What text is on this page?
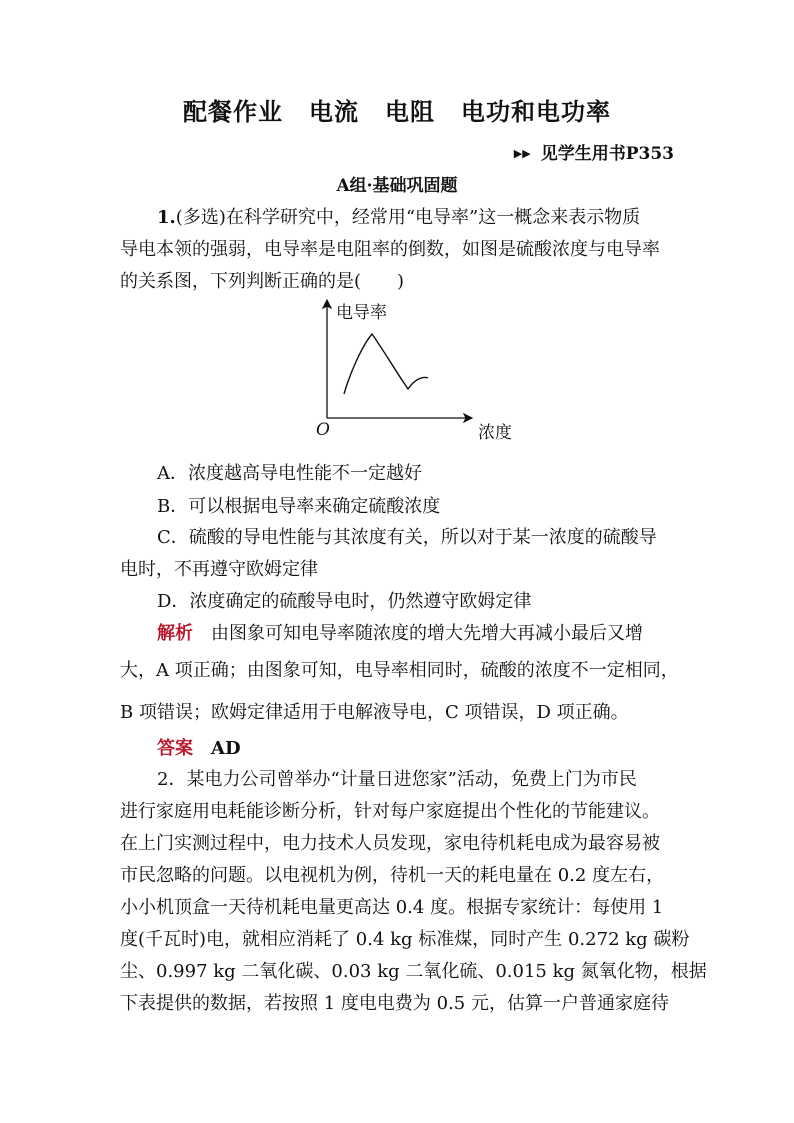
配餐作业 电流 电阻 电功和电功率
▶▶ 见学生用书P353
A组·基础巩固题
1.(多选)在科学研究中，经常用“电导率”这一概念来表示物质
导电本领的强弱，电导率是电阻率的倒数，如图是硫酸浓度与电导率
的关系图，下列判断正确的是(　　)
电导率
浓度
O
A．浓度越高导电性能不一定越好
B．可以根据电导率来确定硫酸浓度
C．硫酸的导电性能与其浓度有关，所以对于某一浓度的硫酸导
电时，不再遵守欧姆定律
D．浓度确定的硫酸导电时，仍然遵守欧姆定律
解析 由图象可知电导率随浓度的增大先增大再减小最后又增
大，A 项正确；由图象可知，电导率相同时，硫酸的浓度不一定相同，
B 项错误；欧姆定律适用于电解液导电，C 项错误，D 项正确。
答案 AD
2．某电力公司曾举办“计量日进您家”活动，免费上门为市民
进行家庭用电耗能诊断分析，针对每户家庭提出个性化的节能建议。
在上门实测过程中，电力技术人员发现，家电待机耗电成为最容易被
市民忽略的问题。以电视机为例，待机一天的耗电量在 0.2 度左右，
小小机顶盒一天待机耗电量更高达 0.4 度。根据专家统计：每使用 1
度(千瓦时)电，就相应消耗了 0.4 kg 标准煤，同时产生 0.272 kg 碳粉
尘、0.997 kg 二氧化碳、0.03 kg 二氧化硫、0.015 kg 氮氧化物，根据
下表提供的数据，若按照 1 度电电费为 0.5 元，估算一户普通家庭待
